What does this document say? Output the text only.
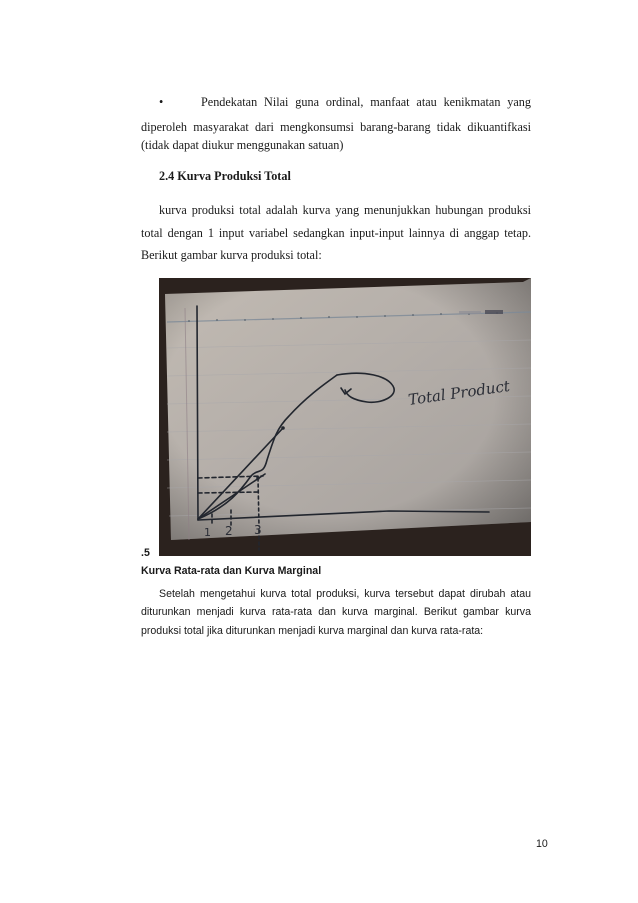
•	Pendekatan Nilai guna ordinal, manfaat atau kenikmatan yang
diperoleh masyarakat dari mengkonsumsi barang-barang tidak dikuantifkasi
(tidak dapat diukur menggunakan satuan)
2.4 Kurva Produksi Total
kurva produksi total adalah kurva yang menunjukkan hubungan produksi
total dengan 1 input variabel sedangkan input-input lainnya di anggap tetap.
Berikut gambar kurva produksi total:
Total Product
1 2 3
.5
Kurva Rata-rata dan Kurva Marginal
Setelah mengetahui kurva total produksi, kurva tersebut dapat dirubah atau
diturunkan menjadi kurva rata-rata dan kurva marginal. Berikut gambar kurva
produksi total jika diturunkan menjadi kurva marginal dan kurva rata-rata:
10
